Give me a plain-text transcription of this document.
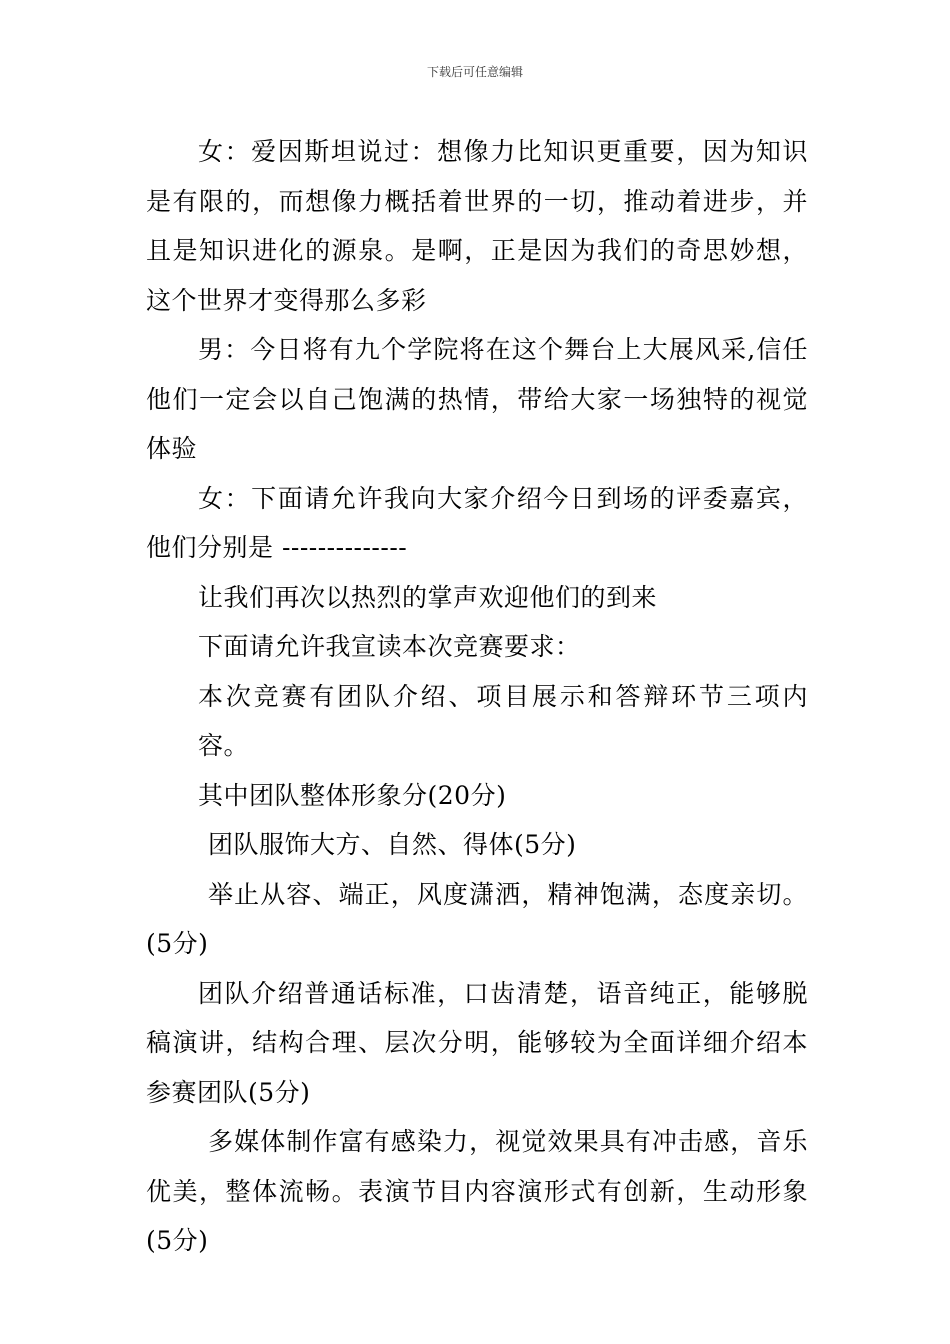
下载后可任意编辑

女：爱因斯坦说过：想像力比知识更重要，因为知识是有限的，而想像力概括着世界的一切，推动着进步，并且是知识进化的源泉。是啊，正是因为我们的奇思妙想，这个世界才变得那么多彩

男：今日将有九个学院将在这个舞台上大展风采,信任他们一定会以自己饱满的热情，带给大家一场独特的视觉体验

女：下面请允许我向大家介绍今日到场的评委嘉宾，他们分别是 --------------

让我们再次以热烈的掌声欢迎他们的到来

下面请允许我宣读本次竞赛要求：

本次竞赛有团队介绍、项目展示和答辩环节三项内容。

其中团队整体形象分(20分)

团队服饰大方、自然、得体(5分)

举止从容、端正，风度潇洒，精神饱满，态度亲切。(5分)

团队介绍普通话标准，口齿清楚，语音纯正，能够脱稿演讲，结构合理、层次分明，能够较为全面详细介绍本参赛团队(5分)

多媒体制作富有感染力，视觉效果具有冲击感，音乐优美，整体流畅。表演节目内容演形式有创新，生动形象(5分)
